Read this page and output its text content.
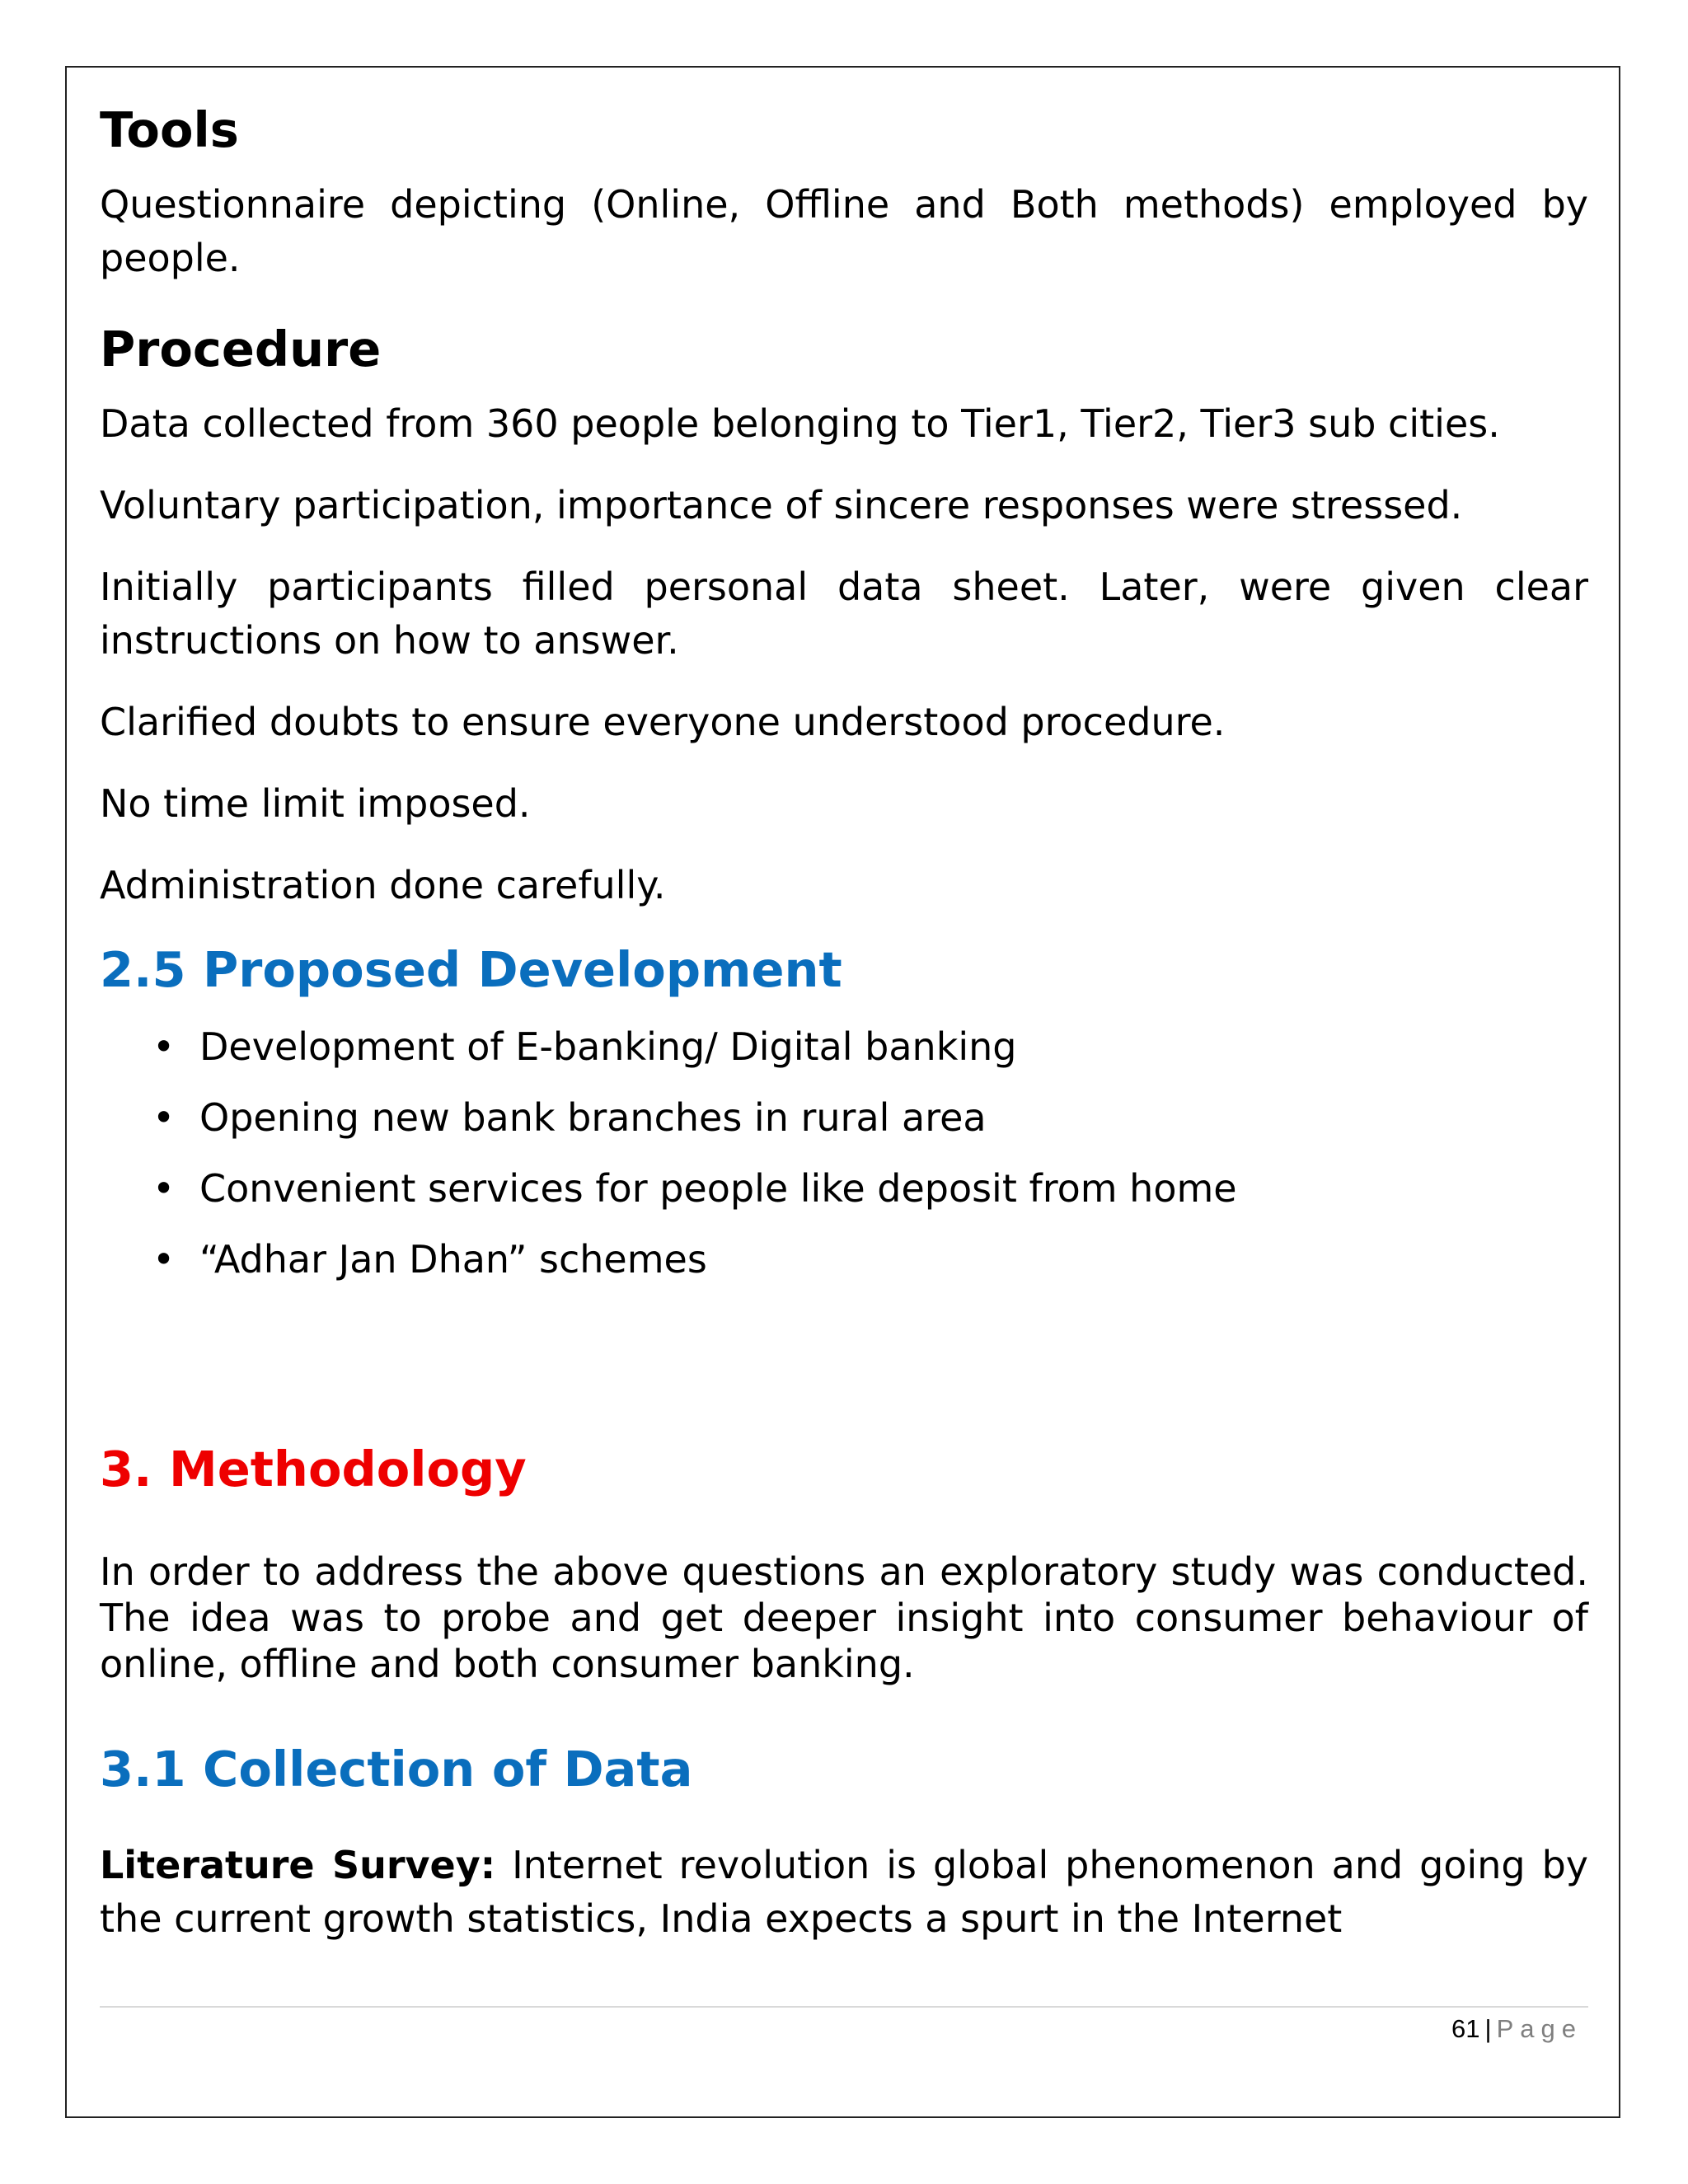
Tools

Questionnaire depicting (Online, Offline and Both methods) employed by people.

Procedure

Data collected from 360 people belonging to Tier1, Tier2, Tier3 sub cities.

Voluntary participation, importance of sincere responses were stressed.

Initially participants filled personal data sheet. Later, were given clear instructions on how to answer.

Clarified doubts to ensure everyone understood procedure.

No time limit imposed.

Administration done carefully.

2.5 Proposed Development
• Development of E-banking/ Digital banking
• Opening new bank branches in rural area
• Convenient services for people like deposit from home
• “Adhar Jan Dhan” schemes
3. Methodology

In order to address the above questions an exploratory study was conducted. The idea was to probe and get deeper insight into consumer behaviour of online, offline and both consumer banking.

3.1 Collection of Data

Literature Survey: Internet revolution is global phenomenon and going by the current growth statistics, India expects a spurt in the Internet

61 | Page
